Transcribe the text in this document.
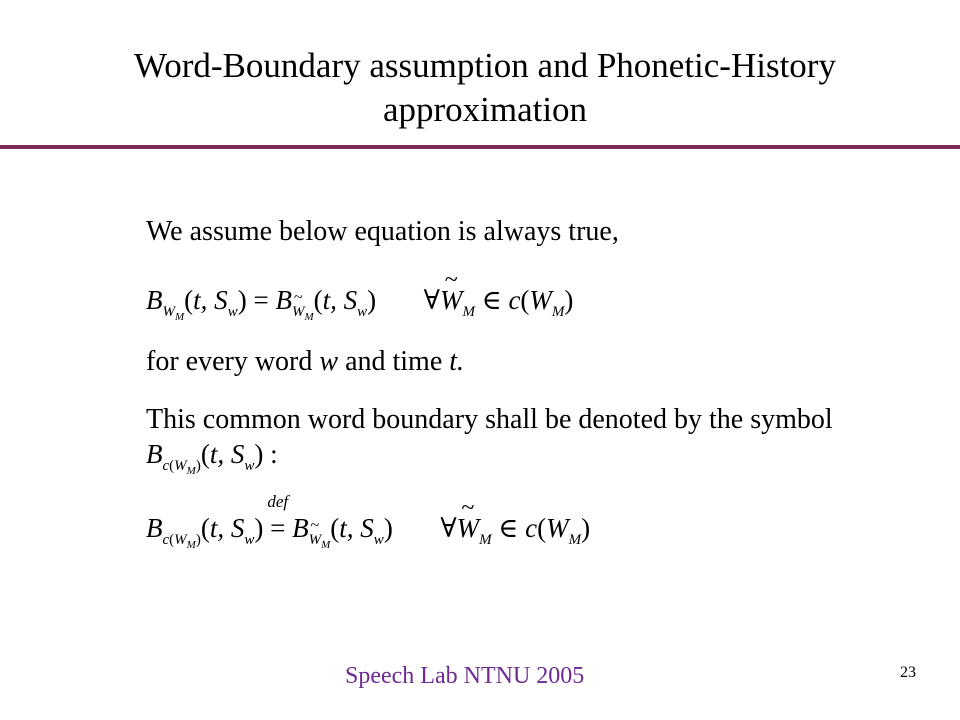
Word-Boundary assumption and Phonetic-History
approximation
We assume below equation is always true,
$B_{W_M}(t$, $S_w) = B_{W_M}(t$, $S_w$) ∀~ $W_M$ ∈ $c(W_M)$
for every word w and time t.
This common word boundary shall be denoted by the symbol
$B_{c(W_M)}(t$, $S_w$) :
$B_{c(W_M)}(t$, $S_w$)
def
= $B_{W_M}(t$, $S_w$) ∀~ $W_M$ ∈ $c(W_M)$
Speech Lab NTNU 2005	23
